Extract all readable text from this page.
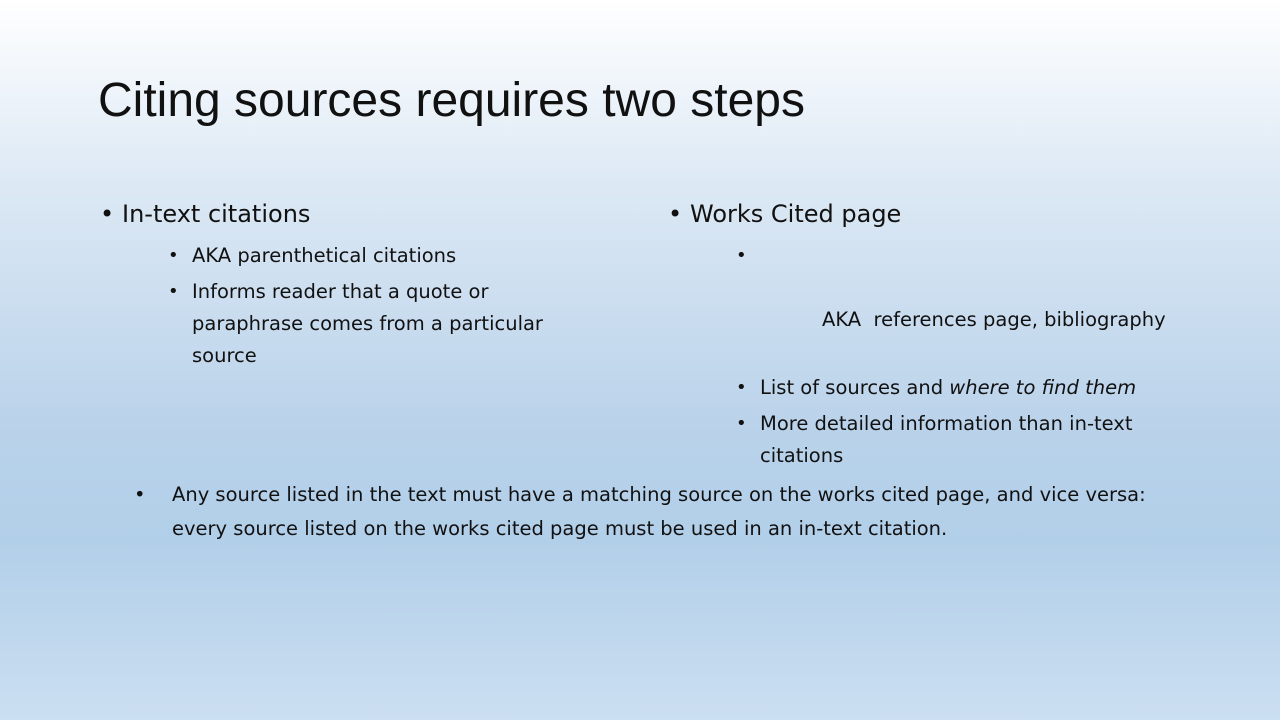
Citing sources requires two steps
• In-text citations
• AKA parenthetical citations
• Informs reader that a quote or paraphrase comes from a particular source
• Works Cited page

•

AKA  references page, bibliography

• List of sources and where to find them
• More detailed information than in-text citations
• Any source listed in the text must have a matching source on the works cited page, and vice versa: every source listed on the works cited page must be used in an in-text citation.
